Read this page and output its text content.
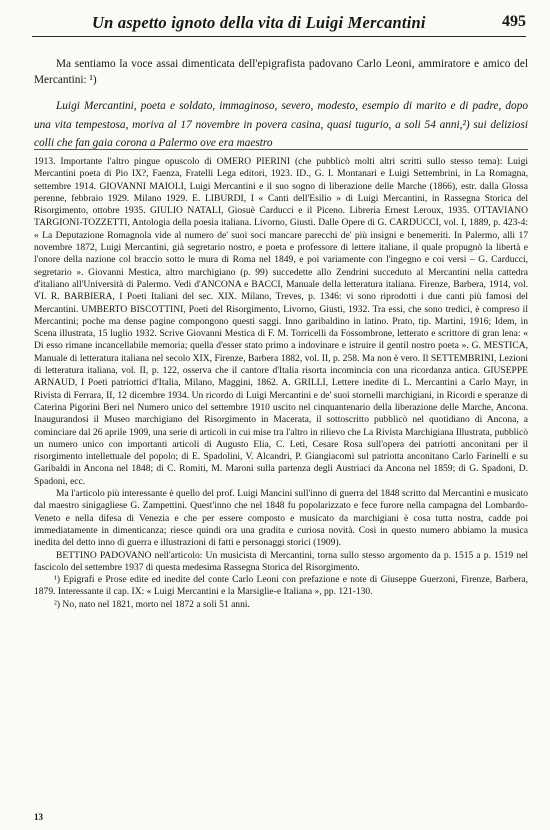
Un aspetto ignoto della vita di Luigi Mercantini	495

Ma sentiamo la voce assai dimenticata dell'epigrafista padovano Carlo Leoni, ammiratore e amico del Mercantini: ¹)

Luigi Mercantini, poeta e soldato, immaginoso, severo, modesto, esempio di marito e di padre, dopo una vita tempestosa, moriva al 17 novembre in povera casina, quasi tugurio, a soli 54 anni,²) sui deliziosi colli che fan gaia corona a Palermo ove era maestro

1913. Importante l'altro pingue opuscolo di OMERO PIERINI (che pubblicò molti altri scritti sullo stesso tema): Luigi Mercantini poeta di Pio IX?, Faenza, Fratelli Lega editori, 1923. ID., G. I. Montanari e Luigi Settembrini, in La Romagna, settembre 1914. GIOVANNI MAIOLI, Luigi Mercantini e il suo sogno di liberazione delle Marche (1866), estr. dalla Glossa perenne, febbraio 1929. Milano 1929. E. LIBURDI, I « Canti dell'Esilio » di Luigi Mercantini, in Rassegna Storica del Risorgimento, ottobre 1935. GIULIO NATALI, Giosuè Carducci e il Piceno. Libreria Ernest Leroux, 1935. OTTAVIANO TARGIONI-TOZZETTI, Antologia della poesia italiana. Livorno, Giusti. Dalle Opere di G. CARDUCCI, vol. I, 1889, p. 423-4: « La Deputazione Romagnola vide al numero de' suoi soci mancare parecchi de' più insigni e benemeriti. In Palermo, alli 17 novembre 1872, Luigi Mercantini, già segretario nostro, e poeta e professore di lettere italiane, il quale propugnò la libertà e l'onore della nazione col braccio sotto le mura di Roma nel 1849, e poi variamente con l'ingegno e coi versi – G. Carducci, segretario ». Giovanni Mestica, altro marchigiano (p. 99) succedette allo Zendrini succeduto al Mercantini nella cattedra d'italiano all'Università di Palermo. Vedi d'ANCONA e BACCI, Manuale della letteratura italiana. Firenze, Barbera, 1914, vol. VI. R. BARBIERA, I Poeti Italiani del sec. XIX. Milano, Treves, p. 1346: vi sono riprodotti i due canti più famosi del Mercantini. UMBERTO BISCOTTINI, Poeti del Risorgimento, Livorno, Giusti, 1932. Tra essi, che sono tredici, è compreso il Mercantini; poche ma dense pagine compongono questi saggi. Inno garibaldino in latino. Prato, tip. Martini, 1916; Idem, in Scena illustrata, 15 luglio 1932. Scrive Giovanni Mestica di F. M. Torricelli da Fossombrone, letterato e scrittore di gran lena: « Di esso rimane incancellabile memoria; quella d'esser stato primo a indovinare e istruire il gentil nostro poeta ». G. MESTICA, Manuale di letteratura italiana nel secolo XIX, Firenze, Barbera 1882, vol. II, p. 258. Ma non è vero. Il SETTEMBRINI, Lezioni di letteratura italiana, vol. II, p. 122, osserva che il cantore d'Italia risorta incomincia con una ricordanza antica. GIUSEPPE ARNAUD, I Poeti patriottici d'Italia, Milano, Maggini, 1862. A. GRILLI, Lettere inedite di L. Mercantini a Carlo Mayr, in Rivista di Ferrara, II, 12 dicembre 1934. Un ricordo di Luigi Mercantini e de' suoi stornelli marchigiani, in Ricordi e speranze di Caterina Pigorini Beri nel Numero unico del settembre 1910 uscito nel cinquantenario della liberazione delle Marche, Ancona. Inaugurandosi il Museo marchigiano del Risorgimento in Macerata, il sottoscritto pubblicò nel quotidiano di Ancona, a cominciare dal 26 aprile 1909, una serie di articoli in cui mise tra l'altro in rilievo che La Rivista Marchigiana Illustrata, pubblicò un numero unico con importanti articoli di Augusto Elia, C. Leti, Cesare Rosa sull'opera dei patriotti anconitani per il risorgimento intellettuale del popolo; di E. Spadolini, V. Alcandri, P. Giangiacomi sul patriotta anconitano Carlo Farinelli e su Garibaldi in Ancona nel 1848; di C. Romiti, M. Maroni sulla partenza degli Austriaci da Ancona nel 1859; di G. Spadoni, D. Spadoni, ecc.

Ma l'articolo più interessante è quello del prof. Luigi Mancini sull'inno di guerra del 1848 scritto dal Mercantini e musicato dal maestro sinigagliese G. Zampettini. Quest'inno che nel 1848 fu popolarizzato e fece furore nella campagna del Lombardo-Veneto e nella difesa di Venezia e che per essere composto e musicato da marchigiani è cosa tutta nostra, cadde poi immediatamente in dimenticanza; riesce quindi ora una gradita e curiosa novità. Così in questo numero abbiamo la musica inedita del detto inno di guerra e illustrazioni di fatti e personaggi storici (1909).

BETTINO PADOVANO nell'articolo: Un musicista di Mercantini, torna sullo stesso argomento da p. 1515 a p. 1519 nel fascicolo del settembre 1937 di questa medesima Rassegna Storica del Risorgimento.

¹) Epigrafi e Prose edite ed inedite del conte Carlo Leoni con prefazione e note di Giuseppe Guerzoni, Firenze, Barbera, 1879. Interessante il cap. IX: « Luigi Mercantini e la Marsiglie-e Italiana », pp. 121-130.

²) No, nato nel 1821, morto nel 1872 a soli 51 anni.

13
